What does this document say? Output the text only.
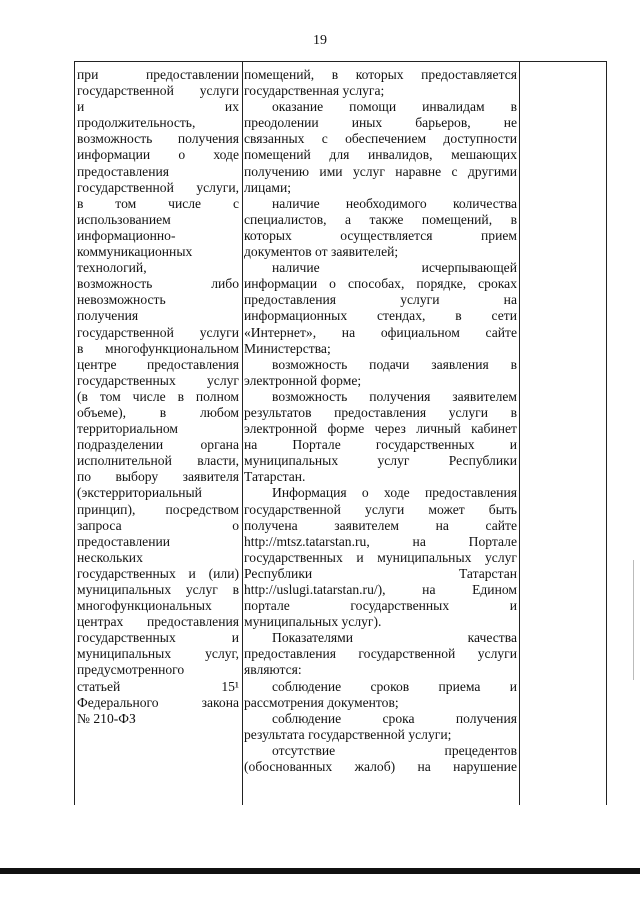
19
при предоставлении
государственной услуги
и их
продолжительность,
возможность получения
информации о ходе
предоставления
государственной услуги,
в том числе с
использованием
информационно-
коммуникационных
технологий,
возможность либо
невозможность
получения
государственной услуги
в многофункциональном
центре предоставления
государственных услуг
(в том числе в полном
объеме), в любом
территориальном
подразделении органа
исполнительной власти,
по выбору заявителя
(экстерриториальный
принцип), посредством
запроса о
предоставлении
нескольких
государственных и (или)
муниципальных услуг в
многофункциональных
центрах предоставления
государственных и
муниципальных услуг,
предусмотренного
статьей 15¹
Федерального закона
№ 210-ФЗ
помещений, в которых предоставляется
государственная услуга;
оказание помощи инвалидам в
преодолении иных барьеров, не
связанных с обеспечением доступности
помещений для инвалидов, мешающих
получению ими услуг наравне с другими
лицами;
наличие необходимого количества
специалистов, а также помещений, в
которых осуществляется прием
документов от заявителей;
наличие исчерпывающей
информации о способах, порядке, сроках
предоставления услуги на
информационных стендах, в сети
«Интернет», на официальном сайте
Министерства;
возможность подачи заявления в
электронной форме;
возможность получения заявителем
результатов предоставления услуги в
электронной форме через личный кабинет
на Портале государственных и
муниципальных услуг Республики
Татарстан.
Информация о ходе предоставления
государственной услуги может быть
получена заявителем на сайте
http://mtsz.tatarstan.ru, на Портале
государственных и муниципальных услуг
Республики Татарстан
http://uslugi.tatarstan.ru/), на Едином
портале государственных и
муниципальных услуг).
Показателями качества
предоставления государственной услуги
являются:
соблюдение сроков приема и
рассмотрения документов;
соблюдение срока получения
результата государственной услуги;
отсутствие прецедентов
(обоснованных жалоб) на нарушение
